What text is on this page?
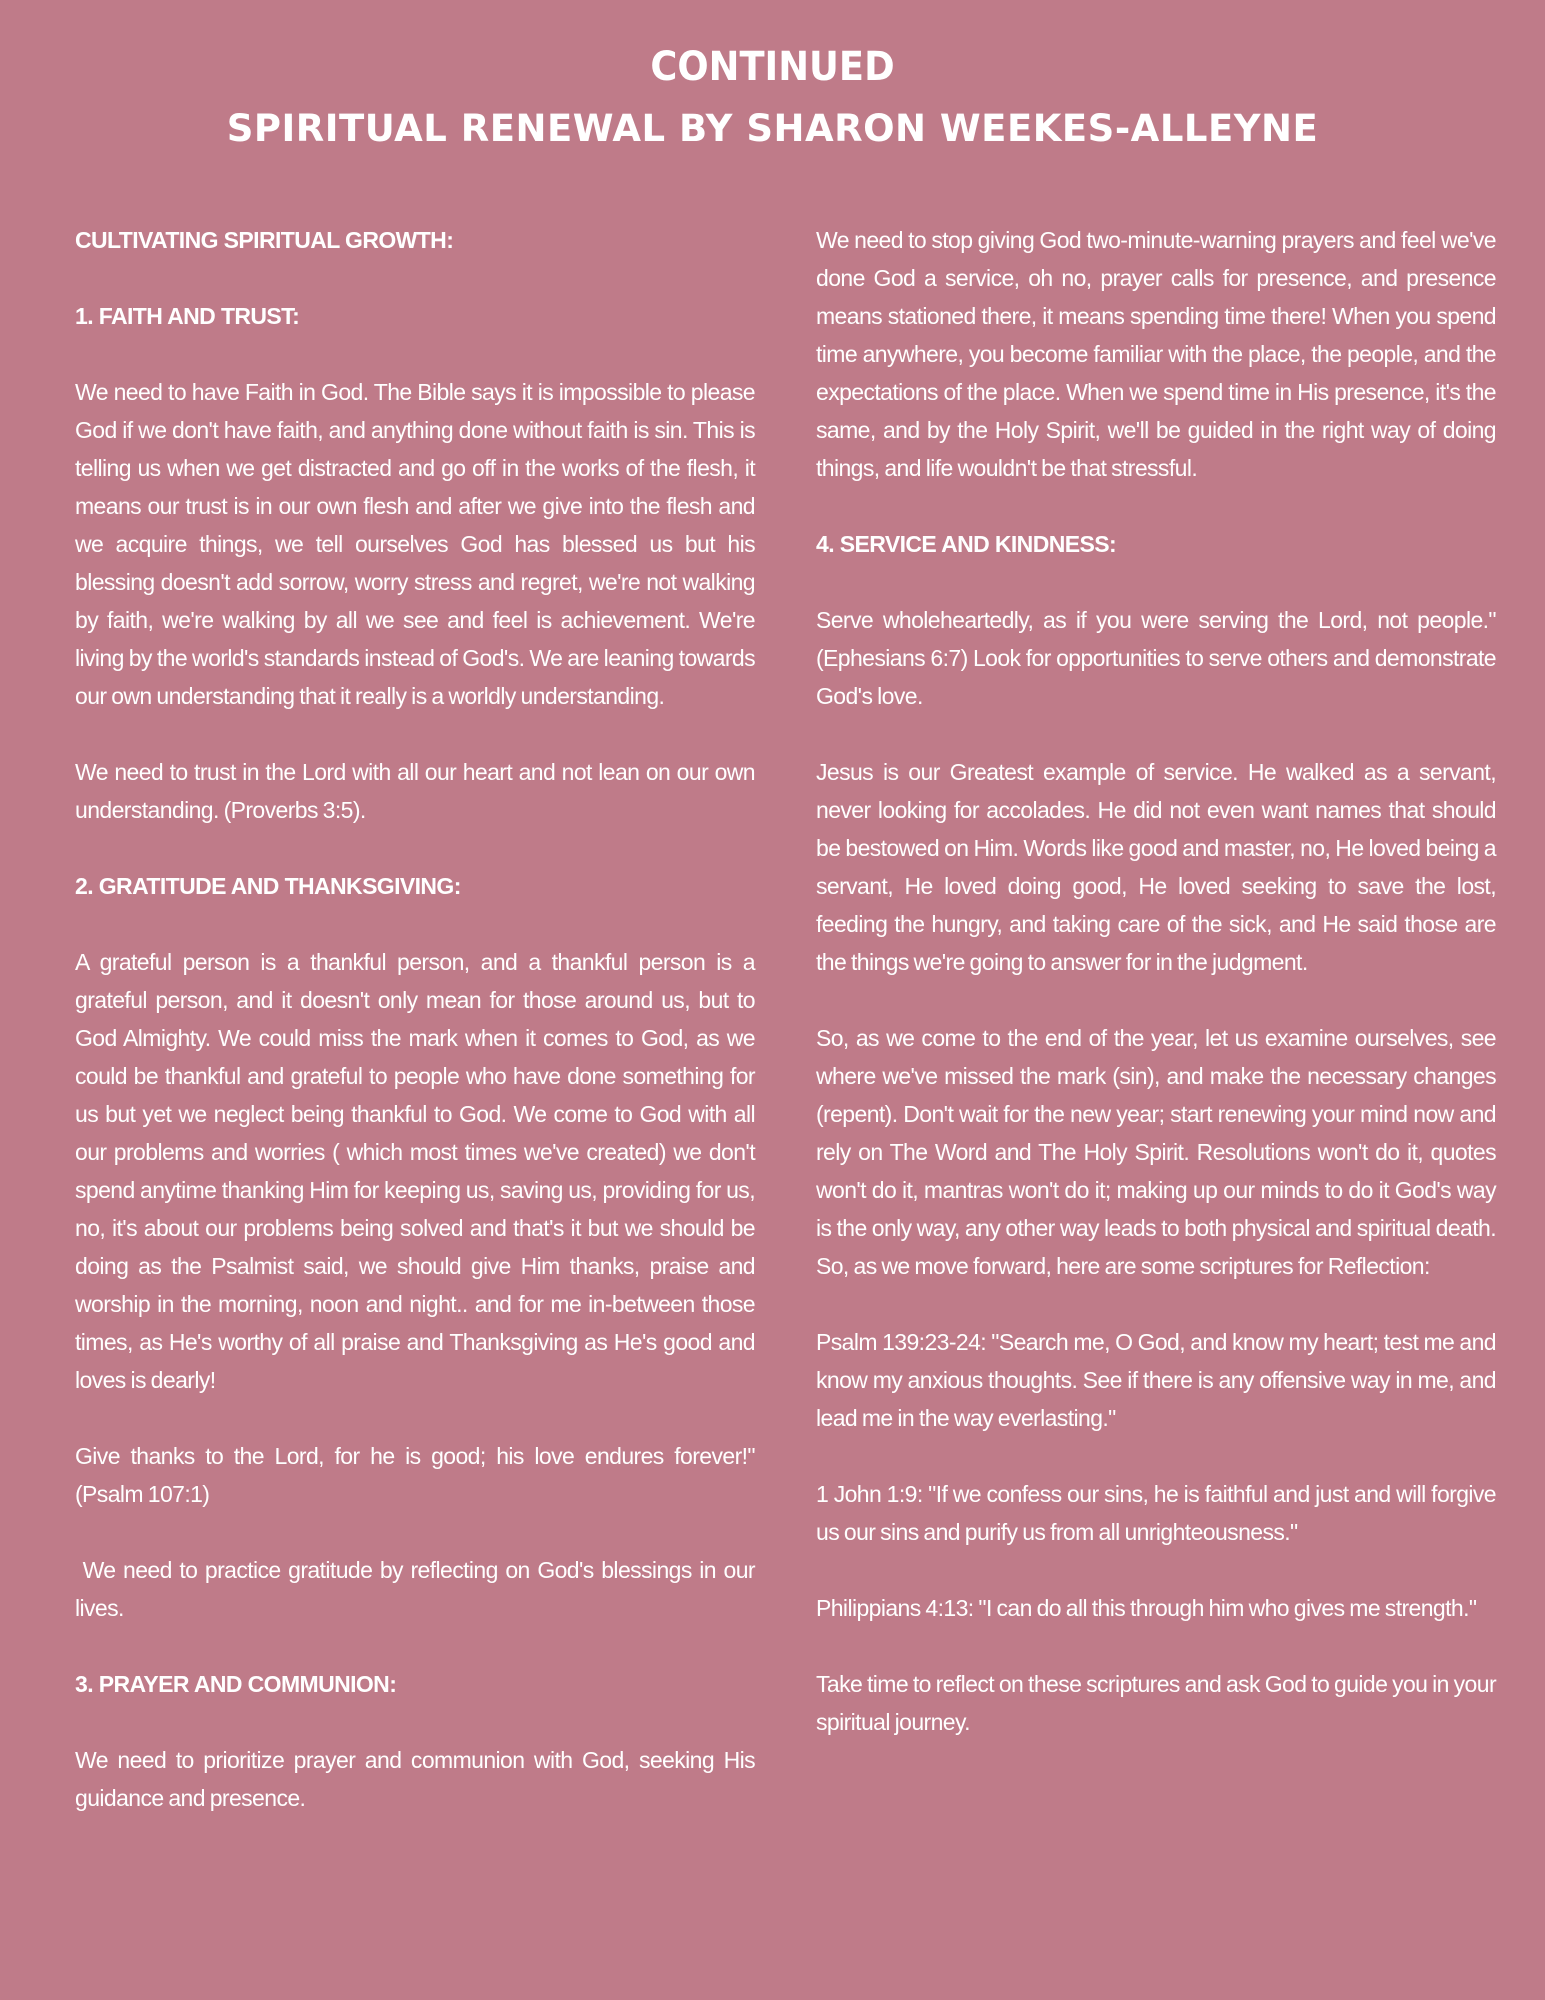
CONTINUED
SPIRITUAL RENEWAL BY SHARON WEEKES-ALLEYNE
CULTIVATING SPIRITUAL GROWTH:
1. FAITH AND TRUST:

We need to have Faith in God. The Bible says it is impossible to please God if we don't have faith, and anything done without faith is sin. This is telling us when we get distracted and go off in the works of the flesh, it means our trust is in our own flesh and after we give into the flesh and we acquire things, we tell ourselves God has blessed us but his blessing doesn't add sorrow, worry stress and regret, we're not walking by faith, we're walking by all we see and feel is achievement. We're living by the world's standards instead of God's. We are leaning towards our own understanding that it really is a worldly understanding.

We need to trust in the Lord with all our heart and not lean on our own understanding. (Proverbs 3:5).

2. GRATITUDE AND THANKSGIVING:

A grateful person is a thankful person, and a thankful person is a grateful person, and it doesn't only mean for those around us, but to God Almighty. We could miss the mark when it comes to God, as we could be thankful and grateful to people who have done something for us but yet we neglect being thankful to God. We come to God with all our problems and worries ( which most times we've created) we don't spend anytime thanking Him for keeping us, saving us, providing for us, no, it's about our problems being solved and that's it but we should be doing as the Psalmist said, we should give Him thanks, praise and worship in the morning, noon and night.. and for me in-between those times, as He's worthy of all praise and Thanksgiving as He's good and loves is dearly!

Give thanks to the Lord, for he is good; his love endures forever!" (Psalm 107:1)

We need to practice gratitude by reflecting on God's blessings in our lives.

3. PRAYER AND COMMUNION:

We need to prioritize prayer and communion with God, seeking His guidance and presence.

We need to stop giving God two-minute-warning prayers and feel we've done God a service, oh no, prayer calls for presence, and presence means stationed there, it means spending time there! When you spend time anywhere, you become familiar with the place, the people, and the expectations of the place. When we spend time in His presence, it's the same, and by the Holy Spirit, we'll be guided in the right way of doing things, and life wouldn't be that stressful.

4. SERVICE AND KINDNESS:

Serve wholeheartedly, as if you were serving the Lord, not people." (Ephesians 6:7) Look for opportunities to serve others and demonstrate God's love.

Jesus is our Greatest example of service. He walked as a servant, never looking for accolades. He did not even want names that should be bestowed on Him. Words like good and master, no, He loved being a servant, He loved doing good, He loved seeking to save the lost, feeding the hungry, and taking care of the sick, and He said those are the things we're going to answer for in the judgment.

So, as we come to the end of the year, let us examine ourselves, see where we've missed the mark (sin), and make the necessary changes (repent). Don't wait for the new year; start renewing your mind now and rely on The Word and The Holy Spirit. Resolutions won't do it, quotes won't do it, mantras won't do it; making up our minds to do it God's way is the only way, any other way leads to both physical and spiritual death. So, as we move forward, here are some scriptures for Reflection:

Psalm 139:23-24: "Search me, O God, and know my heart; test me and know my anxious thoughts. See if there is any offensive way in me, and lead me in the way everlasting."

1 John 1:9: "If we confess our sins, he is faithful and just and will forgive us our sins and purify us from all unrighteousness."

Philippians 4:13: "I can do all this through him who gives me strength."

Take time to reflect on these scriptures and ask God to guide you in your spiritual journey.
